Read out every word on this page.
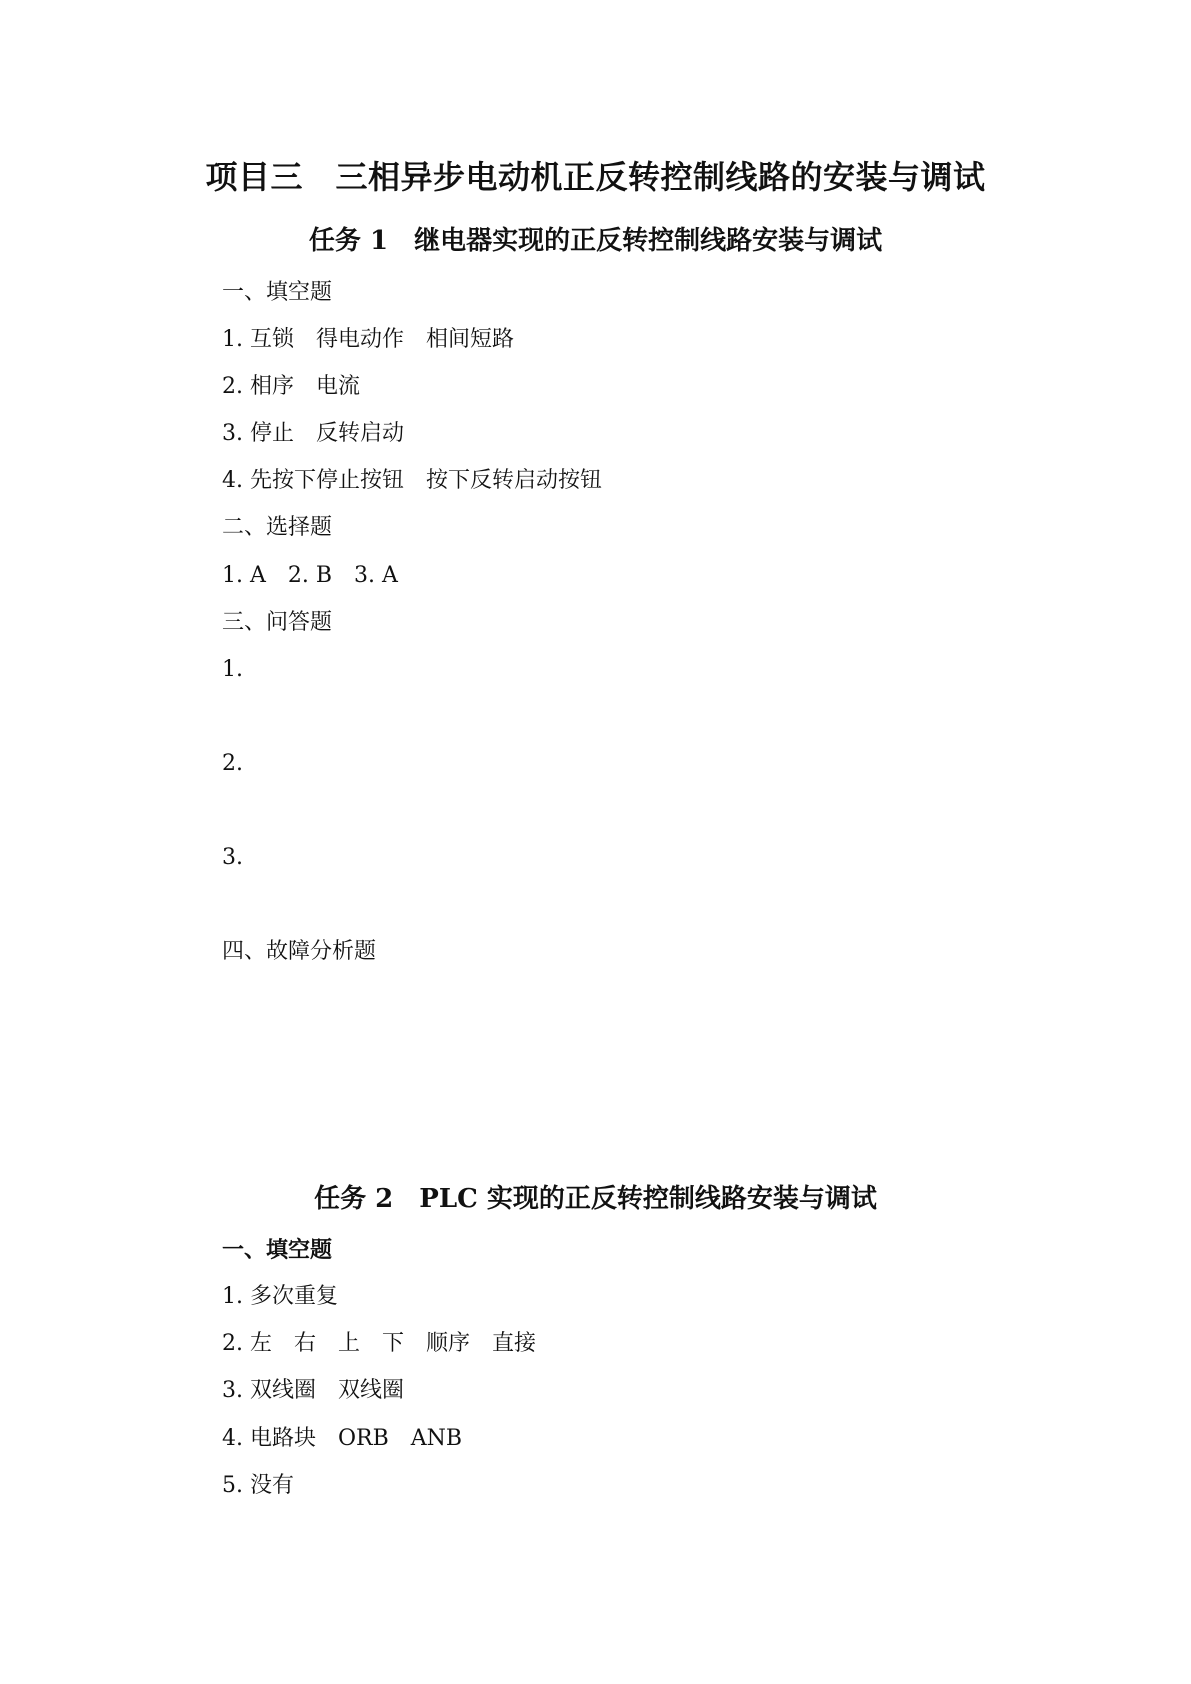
项目三　三相异步电动机正反转控制线路的安装与调试
任务 1　继电器实现的正反转控制线路安装与调试

一、填空题

1. 互锁　得电动作　相间短路

2. 相序　电流

3. 停止　反转启动

4. 先按下停止按钮　按下反转启动按钮

二、选择题

1. A　2. B　3. A

三、问答题

1.

2.

3.

四、故障分析题

任务 2　PLC 实现的正反转控制线路安装与调试

一、填空题

1. 多次重复

2. 左　右　上　下　顺序　直接

3. 双线圈　双线圈

4. 电路块　ORB　ANB

5. 没有
